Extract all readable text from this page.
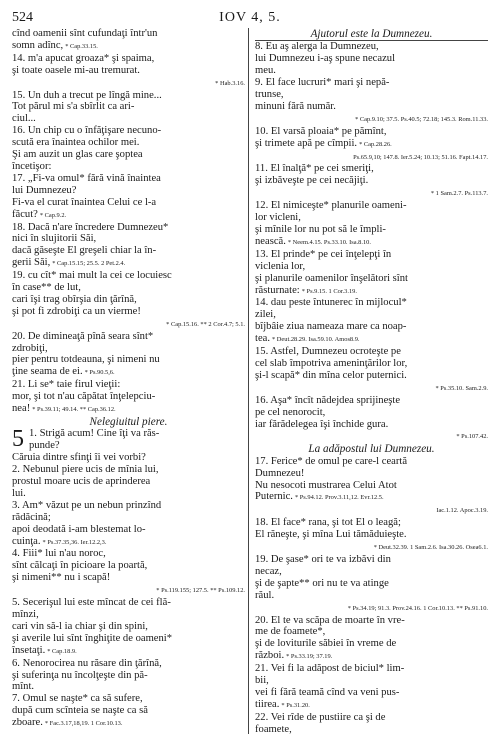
524	IOV 4, 5.
cînd oamenii sînt cufundaţi într'un
somn adînc, * Cap.33.15.
14. m'a apucat groaza* şi spaima,
şi toate oasele mi-au tremurat.
* Hab.3.16.
15. Un duh a trecut pe lîngă mine...
Tot părul mi s'a sbîrlit ca ari-
ciul...
16. Un chip cu o înfăţişare necuno-
scută era înaintea ochilor mei.
Şi am auzit un glas care şoptea
încetişor:
17. „Fi-va omul* fără vină înaintea
lui Dumnezeu?
Fi-va el curat înaintea Celui ce l-a
făcut? * Cap.9.2.
18. Dacă n'are încredere Dumnezeu*
nici în slujitorii Săi,
dacă găseşte El greşeli chiar la în-
gerii Săi, * Cap.15.15; 25.5. 2 Pet.2.4.
19. cu cît* mai mult la cei ce locuiesc
în case** de lut,
cari îşi trag obîrşia din ţărînă,
şi pot fi zdrobiţi ca un vierme!
* Cap.15.16. ** 2 Cor.4.7; 5.1.
20. De dimineaţă pînă seara sînt*
zdrobiţi,
pier pentru totdeauna, şi nimeni nu
ţine seama de ei. * Ps.90.5,6.
21. Li se* taie firul vieţii:
mor, şi tot n'au căpătat înţelepciu-
nea! * Ps.39.11; 49.14. ** Cap.36.12.
Nelegiuitul piere.
5 1. Strigă acum! Cine îţi va răs-
punde?
Căruia dintre sfinţi îi vei vorbi?
2. Nebunul piere ucis de mînia lui,
prostul moare ucis de aprinderea
lui.
3. Am* văzut pe un nebun prinzînd
rădăcină;
apoi deodată i-am blestemat lo-
cuinţa. * Ps.37.35,36. Ier.12.2,3.
4. Fiii* lui n'au noroc,
sînt călcaţi în picioare la poartă,
şi nimeni** nu i scapă!
* Ps.119.155; 127.5. ** Ps.109.12.
5. Secerişul lui este mîncat de cei flă-
mînzi,
cari vin să-l ia chiar şi din spini,
şi averile lui sînt înghiţite de oameni*
însetaţi. * Cap.18.9.
6. Nenorocirea nu răsare din ţărînă,
şi suferinţa nu încolţeşte din pă-
mînt.
7. Omul se naşte* ca să sufere,
după cum scînteia se naşte ca să
zboare. * Fac.3.17,18,19. 1 Cor.10.13.
Ajutorul este la Dumnezeu.
8. Eu aş alerga la Dumnezeu,
lui Dumnezeu i-aş spune necazul
meu.
9. El face lucruri* mari şi nepă-
trunse,
minuni fără număr.
* Cap.9.10; 37.5. Ps.40.5; 72.18; 145.3. Rom.11.33.
10. El varsă ploaia* pe pămînt,
şi trimete apă pe cîmpii. * Cap.28.26.
Ps.65.9,10; 147.8. Ier.5.24; 10.13; 51.16. Fapt.14.17.
11. El înalţă* pe cei smeriţi,
şi izbăveşte pe cei necăjiţi.
* 1 Sam.2.7. Ps.113.7.
12. El nimiceşte* planurile oameni-
lor vicleni,
şi mînile lor nu pot să le împli-
nească. * Neem.4.15. Ps.33.10. Isa.8.10.
13. El prinde* pe cei înţelepţi în
viclenia lor,
şi planurile oamenilor înşelători sînt
răsturnate: * Ps.9.15. 1 Cor.3.19.
14. dau peste întunerec în mijlocul*
zilei,
bîjbâie ziua nameaza mare ca noap-
tea. * Deut.28.29. Isa.59.10. Amos8.9.
15. Astfel, Dumnezeu ocroteşte pe
cel slab împotriva ameninţărilor lor,
şi-l scapă* din mîna celor puternici.
* Ps.35.10. Sam.2.9.
16. Aşa* încît nădejdea sprijineşte
pe cel nenorocit,
iar fărădelegea îşi închide gura.
* Ps.107.42.
La adăpostul lui Dumnezeu.
17. Ferice* de omul pe care-l ceartă
Dumnezeu!
Nu nesocoti mustrarea Celui Atot
Puternic. * Ps.94.12. Prov.3.11,12. Evr.12.5.
Iac.1.12. Apoc.3.19.
18. El face* rana, şi tot El o leagă;
El răneşte, şi mîna Lui tămăduieşte.
* Deut.32.39. 1 Sam.2.6. Isa.30.26. Osea6.1.
19. De şase* ori te va izbăvi din
necaz,
şi de şapte** ori nu te va atinge
răul.
* Ps.34.19; 91.3. Prov.24.16. 1 Cor.10.13. ** Ps.91.10.
20. El te va scăpa de moarte în vre-
me de foamete*,
şi de loviturile săbiei în vreme de
război. * Ps.33.19; 37.19.
21. Vei fi la adăpost de biciul* lim-
bii,
vei fi fără teamă cînd va veni pus-
tiirea. * Ps.31.20.
22. Vei rîde de pustiire ca şi de
foamete,
